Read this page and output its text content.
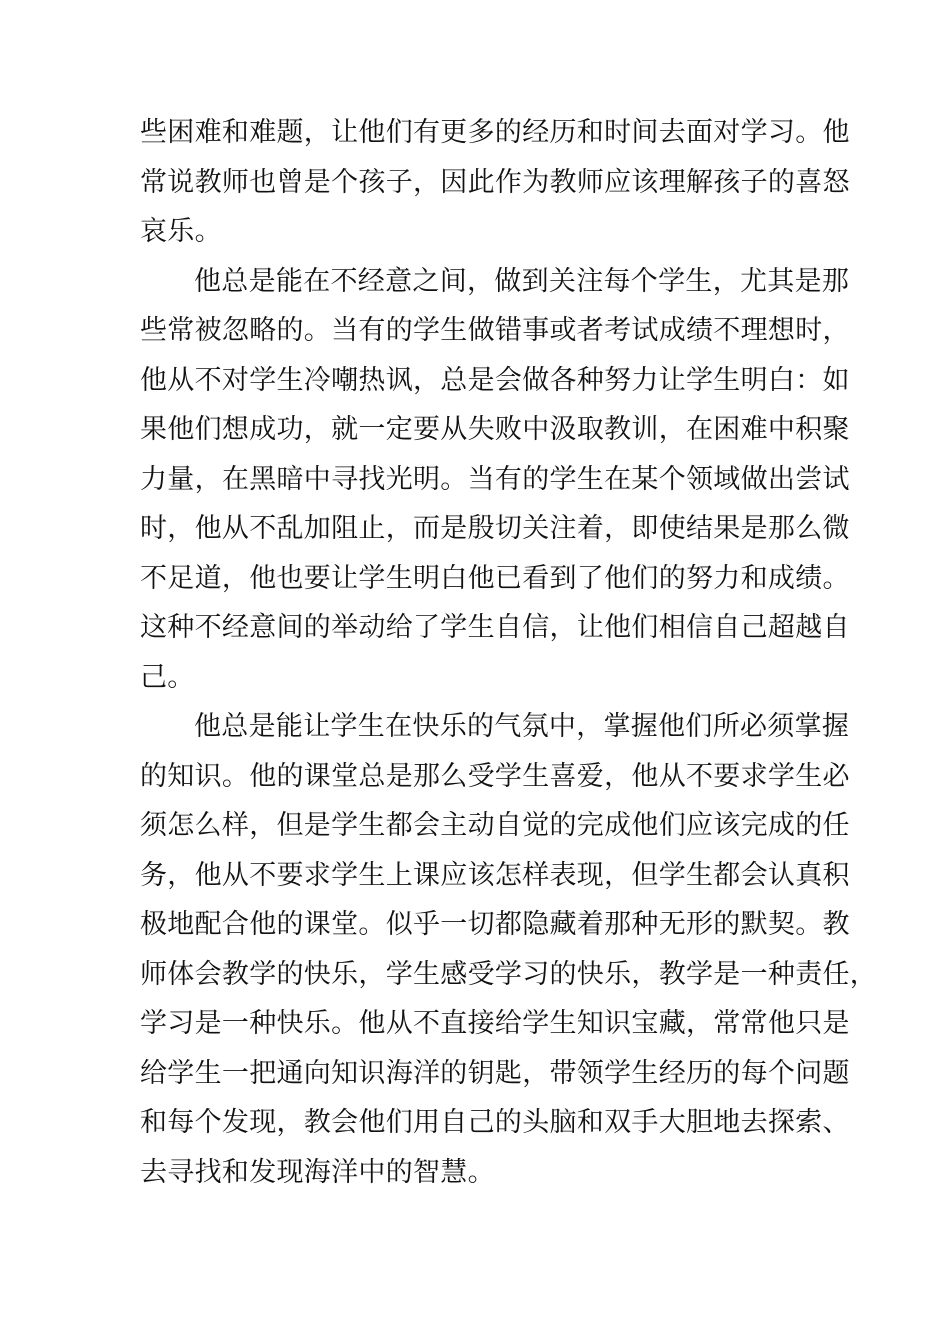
些困难和难题，让他们有更多的经历和时间去面对学习。他
常说教师也曾是个孩子，因此作为教师应该理解孩子的喜怒
哀乐。
他总是能在不经意之间，做到关注每个学生，尤其是那
些常被忽略的。当有的学生做错事或者考试成绩不理想时，
他从不对学生冷嘲热讽，总是会做各种努力让学生明白：如
果他们想成功，就一定要从失败中汲取教训，在困难中积聚
力量，在黑暗中寻找光明。当有的学生在某个领域做出尝试
时，他从不乱加阻止，而是殷切关注着，即使结果是那么微
不足道，他也要让学生明白他已看到了他们的努力和成绩。
这种不经意间的举动给了学生自信，让他们相信自己超越自
己。
他总是能让学生在快乐的气氛中，掌握他们所必须掌握
的知识。他的课堂总是那么受学生喜爱，他从不要求学生必
须怎么样，但是学生都会主动自觉的完成他们应该完成的任
务，他从不要求学生上课应该怎样表现，但学生都会认真积
极地配合他的课堂。似乎一切都隐藏着那种无形的默契。教
师体会教学的快乐，学生感受学习的快乐，教学是一种责任，
学习是一种快乐。他从不直接给学生知识宝藏，常常他只是
给学生一把通向知识海洋的钥匙，带领学生经历的每个问题
和每个发现，教会他们用自己的头脑和双手大胆地去探索、
去寻找和发现海洋中的智慧。
